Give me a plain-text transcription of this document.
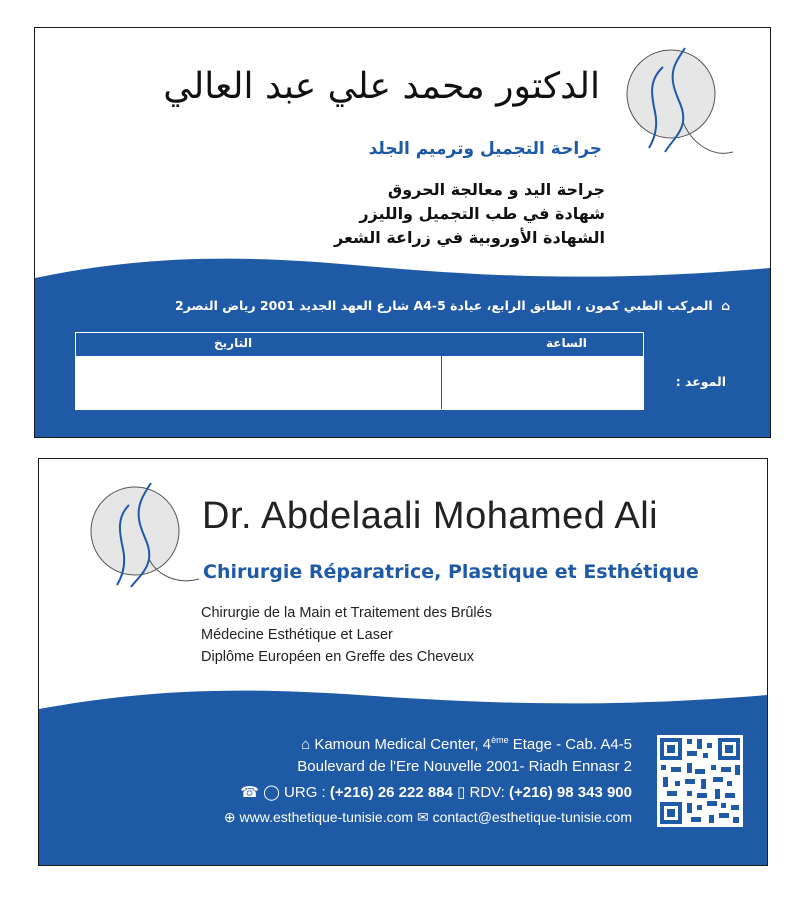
الدكتور محمد علي عبد العالي
جراحة التجميل وترميم الجلد
جراحة اليد و معالجة الحروق
شهادة في طب التجميل والليزر
الشهادة الأوروبية في زراعة الشعر
⌂ المركب الطبي كمون ، الطابق الرابع، عيادة A4-5 شارع العهد الجديد 2001 رياض النصر2
التاريخ	الساعة
الموعد :
Dr. Abdelaali Mohamed Ali
Chirurgie Réparatrice, Plastique et Esthétique
Chirurgie de la Main et Traitement des Brûlés
Médecine Esthétique et Laser
Diplôme Européen en Greffe des Cheveux
⌂ Kamoun Medical Center, 4ème Etage - Cab. A4-5
Boulevard de l'Ere Nouvelle 2001- Riadh Ennasr 2
☎ ◯ URG : (+216) 26 222 884 ▯ RDV: (+216) 98 343 900
⊕ www.esthetique-tunisie.com ✉ contact@esthetique-tunisie.com
